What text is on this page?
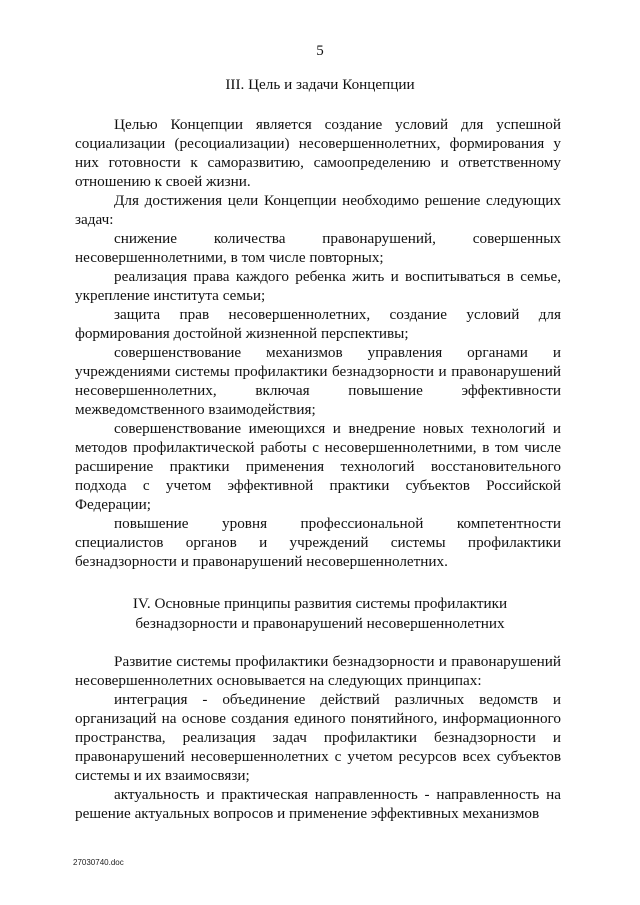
5
III. Цель и задачи Концепции

Целью Концепции является создание условий для успешной социализации (ресоциализации) несовершеннолетних, формирования у них готовности к саморазвитию, самоопределению и ответственному отношению к своей жизни.

Для достижения цели Концепции необходимо решение следующих задач:

снижение количества правонарушений, совершенных несовершеннолетними, в том числе повторных;

реализация права каждого ребенка жить и воспитываться в семье, укрепление института семьи;

защита прав несовершеннолетних, создание условий для формирования достойной жизненной перспективы;

совершенствование механизмов управления органами и учреждениями системы профилактики безнадзорности и правонарушений несовершеннолетних, включая повышение эффективности межведомственного взаимодействия;

совершенствование имеющихся и внедрение новых технологий и методов профилактической работы с несовершеннолетними, в том числе расширение практики применения технологий восстановительного подхода с учетом эффективной практики субъектов Российской Федерации;

повышение уровня профессиональной компетентности специалистов органов и учреждений системы профилактики безнадзорности и правонарушений несовершеннолетних.

IV. Основные принципы развития системы профилактики
безнадзорности и правонарушений несовершеннолетних

Развитие системы профилактики безнадзорности и правонарушений несовершеннолетних основывается на следующих принципах:

интеграция - объединение действий различных ведомств и организаций на основе создания единого понятийного, информационного пространства, реализация задач профилактики безнадзорности и правонарушений несовершеннолетних с учетом ресурсов всех субъектов системы и их взаимосвязи;

актуальность и практическая направленность - направленность на решение актуальных вопросов и применение эффективных механизмов

27030740.doc
